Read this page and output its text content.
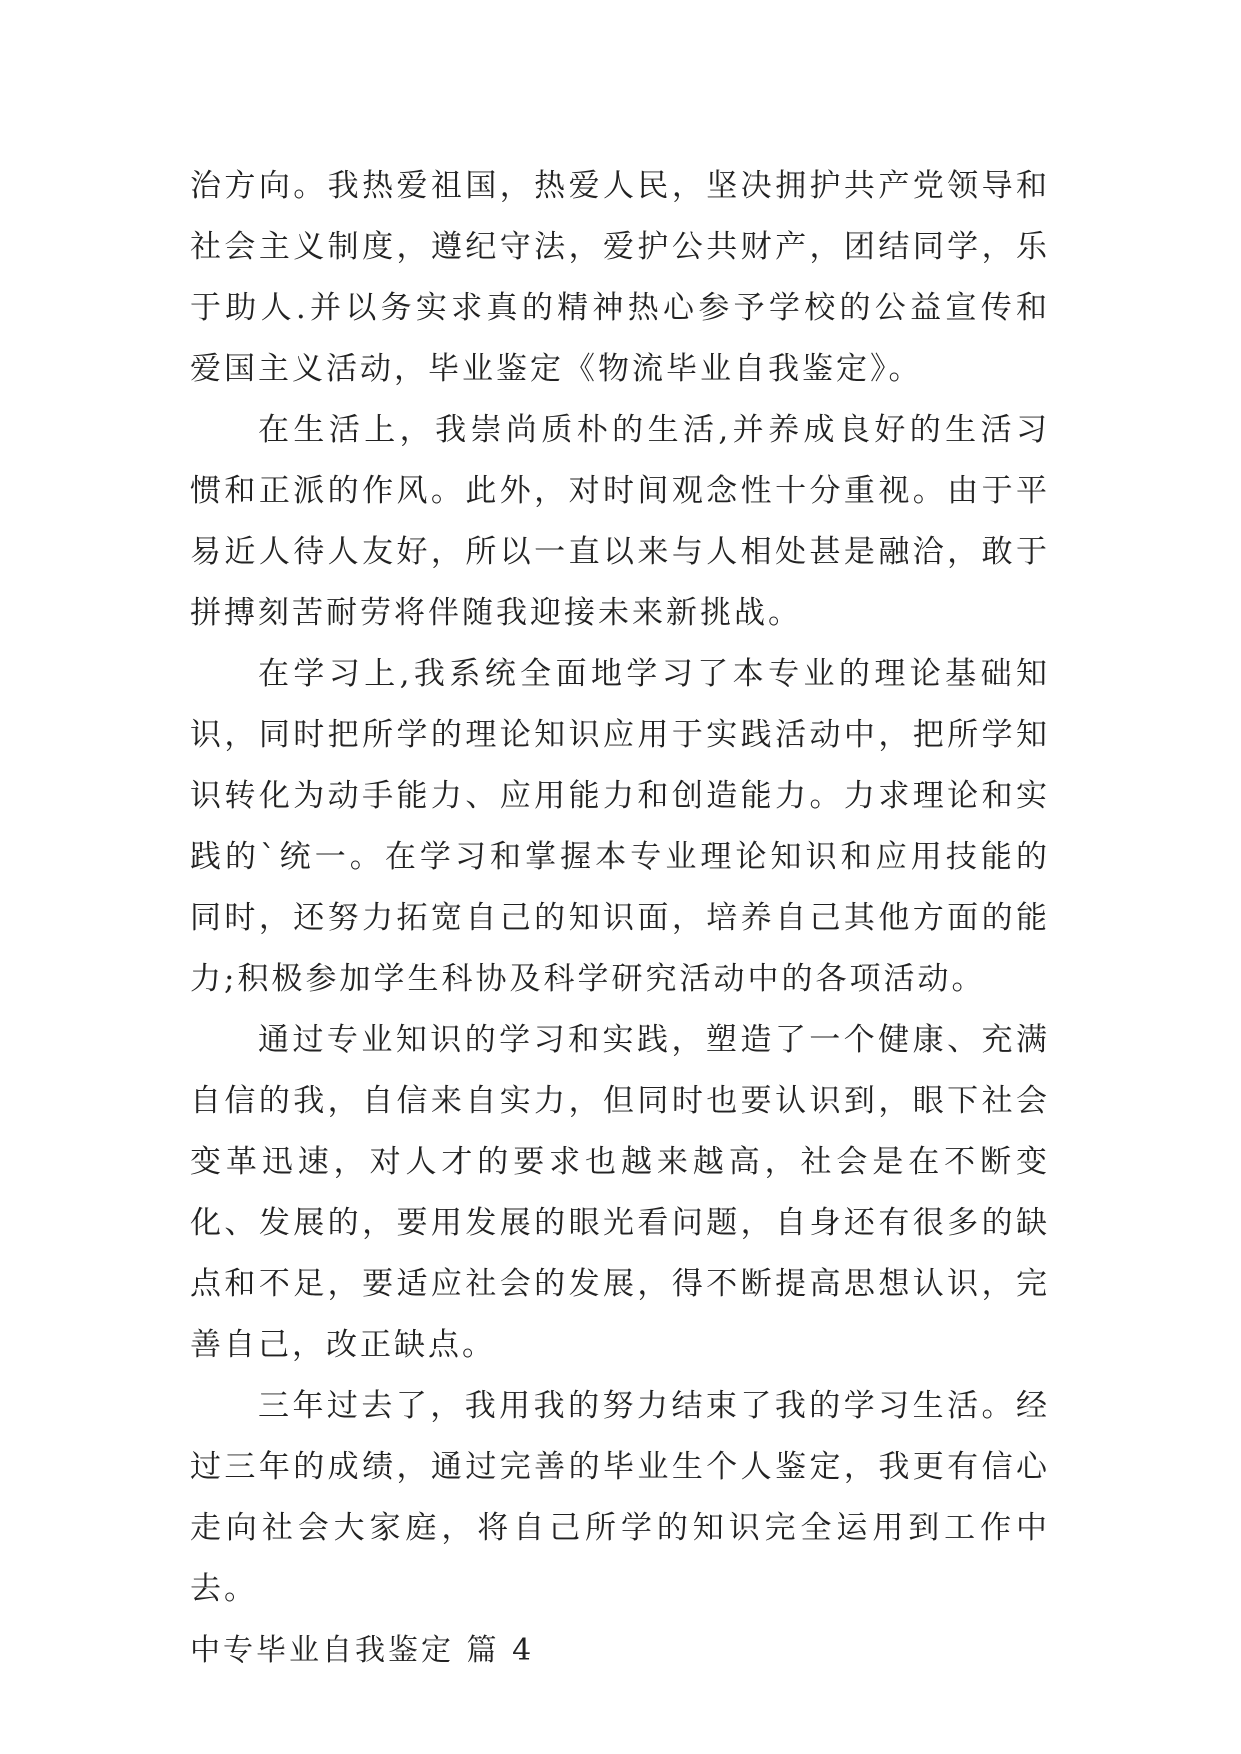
治方向。我热爱祖国，热爱人民，坚决拥护共产党领导和社会主义制度，遵纪守法，爱护公共财产，团结同学，乐于助人.并以务实求真的精神热心参予学校的公益宣传和爱国主义活动，毕业鉴定《物流毕业自我鉴定》。

在生活上，我崇尚质朴的生活,并养成良好的生活习惯和正派的作风。此外，对时间观念性十分重视。由于平易近人待人友好，所以一直以来与人相处甚是融洽，敢于拼搏刻苦耐劳将伴随我迎接未来新挑战。

在学习上,我系统全面地学习了本专业的理论基础知识，同时把所学的理论知识应用于实践活动中，把所学知识转化为动手能力、应用能力和创造能力。力求理论和实践的`统一。在学习和掌握本专业理论知识和应用技能的同时，还努力拓宽自己的知识面，培养自己其他方面的能力;积极参加学生科协及科学研究活动中的各项活动。

通过专业知识的学习和实践，塑造了一个健康、充满自信的我，自信来自实力，但同时也要认识到，眼下社会变革迅速，对人才的要求也越来越高，社会是在不断变化、发展的，要用发展的眼光看问题，自身还有很多的缺点和不足，要适应社会的发展，得不断提高思想认识，完善自己，改正缺点。

三年过去了，我用我的努力结束了我的学习生活。经过三年的成绩，通过完善的毕业生个人鉴定，我更有信心走向社会大家庭，将自己所学的知识完全运用到工作中去。

中专毕业自我鉴定 篇 4
